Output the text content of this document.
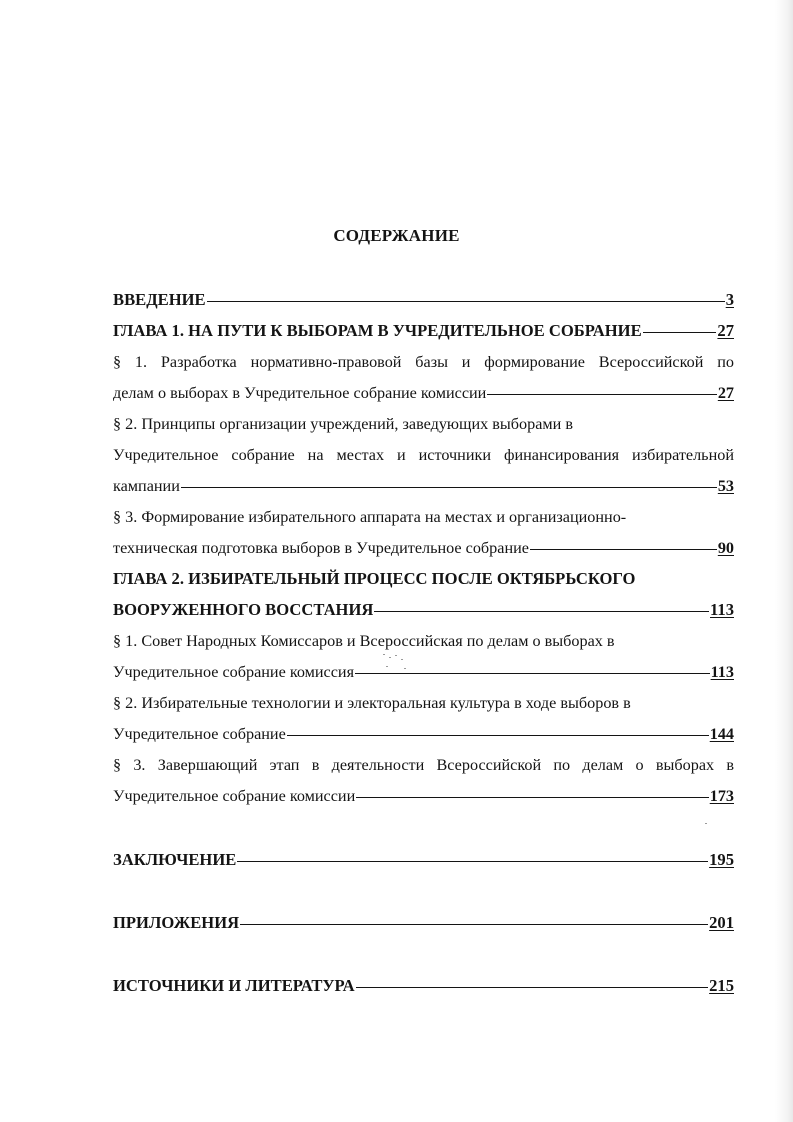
СОДЕРЖАНИЕ
ВВЕДЕНИЕ	3
ГЛАВА 1. НА ПУТИ К ВЫБОРАМ В УЧРЕДИТЕЛЬНОЕ СОБРАНИЕ	27
§ 1. Разработка нормативно-правовой базы и формирование Всероссийской по
делам о выборах в Учредительное собрание комиссии	27
§ 2. Принципы организации учреждений, заведующих выборами в
Учредительное собрание на местах и источники финансирования избирательной
кампании	53
§ 3. Формирование избирательного аппарата на местах и организационно-
техническая подготовка выборов в Учредительное собрание	90
ГЛАВА 2. ИЗБИРАТЕЛЬНЫЙ ПРОЦЕСС ПОСЛЕ ОКТЯБРЬСКОГО
ВООРУЖЕННОГО ВОССТАНИЯ	113
§ 1. Совет Народных Комиссаров и Всероссийская по делам о выборах в
Учредительное собрание комиссия	113
§ 2. Избирательные технологии и электоральная культура в ходе выборов в
Учредительное собрание	144
§ 3. Завершающий этап в деятельности Всероссийской по делам о выборах в
Учредительное собрание комиссии	173
ЗАКЛЮЧЕНИЕ	195
ПРИЛОЖЕНИЯ	201
ИСТОЧНИКИ И ЛИТЕРАТУРА	215
